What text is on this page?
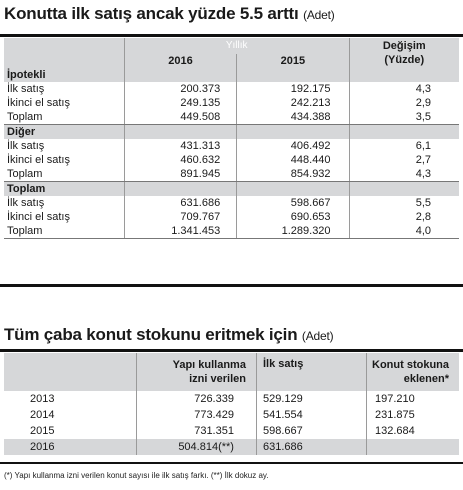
Konutta ilk satış ancak yüzde 5.5 arttı (Adet)
	Yıllık		Değişim (Yüzde)

	2016	2015	
İpotekli			
İlk satış	200.373	192.175	4,3
İkinci el satış	249.135	242.213	2,9
Toplam	449.508	434.388	3,5
Diğer			
İlk satış	431.313	406.492	6,1
İkinci el satış	460.632	448.440	2,7
Toplam	891.945	854.932	4,3
Toplam			
İlk satış	631.686	598.667	5,5
İkinci el satış	709.767	690.653	2,8
Toplam	1.341.453	1.289.320	4,0
Tüm çaba konut stokunu eritmek için (Adet)

	Yapı kullanma izni verilen	İlk satış	Konut stokuna eklenen*

2013	726.339	529.129	197.210
2014	773.429	541.554	231.875
2015	731.351	598.667	132.684
2016	504.814(**)	631.686	
(*) Yapı kullanma izni verilen konut sayısı ile ilk satış farkı. (**) İlk dokuz ay.
